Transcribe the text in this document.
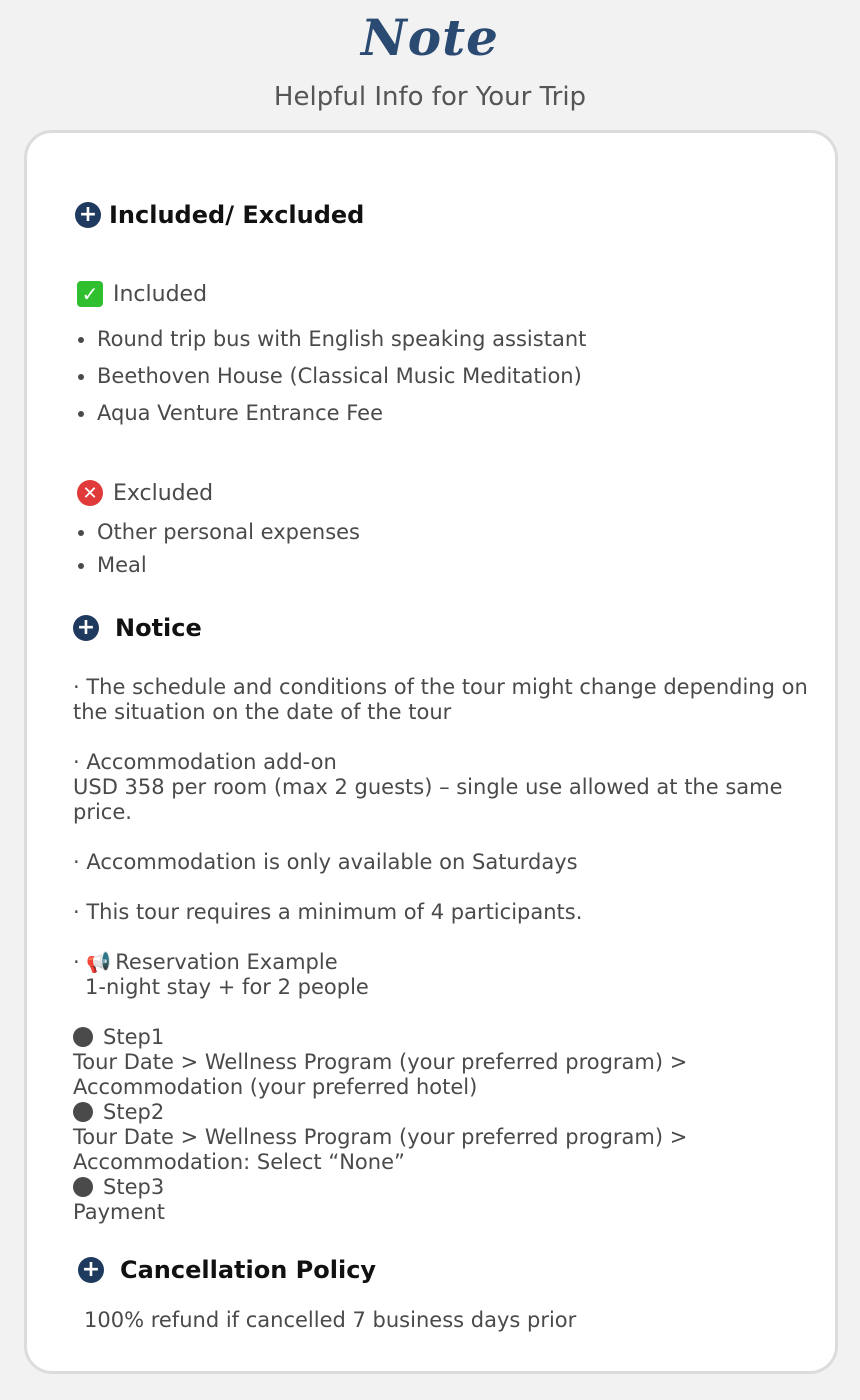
Note
Helpful Info for Your Trip
+ Included/ Excluded
✓ Included
• Round trip bus with English speaking assistant
• Beethoven House (Classical Music Meditation)
• Aqua Venture Entrance Fee
✕ Excluded
• Other personal expenses
• Meal
+ Notice
· The schedule and conditions of the tour might change depending on the situation on the date of the tour
· Accommodation add-on
USD 358 per room (max 2 guests) – single use allowed at the same price.
· Accommodation is only available on Saturdays
· This tour requires a minimum of 4 participants.
· 📢 Reservation Example
1-night stay + for 2 people
Step1
Tour Date > Wellness Program (your preferred program) > Accommodation (your preferred hotel)
Step2
Tour Date > Wellness Program (your preferred program) > Accommodation: Select “None”
Step3
Payment
+ Cancellation Policy
100% refund if cancelled 7 business days prior
